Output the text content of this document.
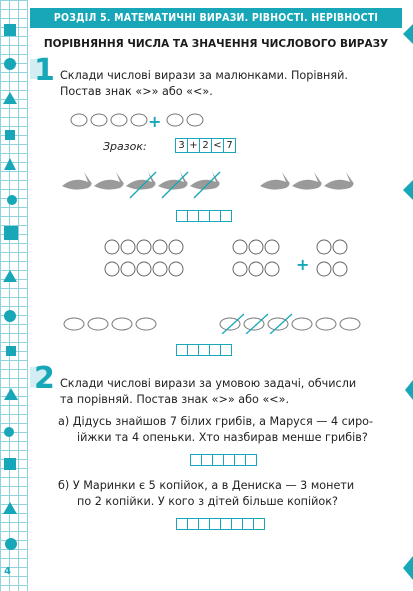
РОЗДІЛ 5. МАТЕМАТИЧНІ ВИРАЗИ. РІВНОСТІ. НЕРІВНОСТІ
ПОРІВНЯННЯ ЧИСЛА ТА ЗНАЧЕННЯ ЧИСЛОВОГО ВИРАЗУ
1 Склади числові вирази за малюнками. Порівняй.
Постав знак «>» або «<».
+
Зразок:	3 + 2 < 7
+
2 Склади числові вирази за умовою задачі, обчисли
та порівняй. Постав знак «>» або «<».
а) Дідусь знайшов 7 білих грибів, а Маруся — 4 сиро-
ійжки та 4 опеньки. Хто назбирав менше грибів?
б) У Маринки є 5 копійок, а в Дениска — 3 монети
по 2 копійки. У кого з дітей більше копійок?
4
